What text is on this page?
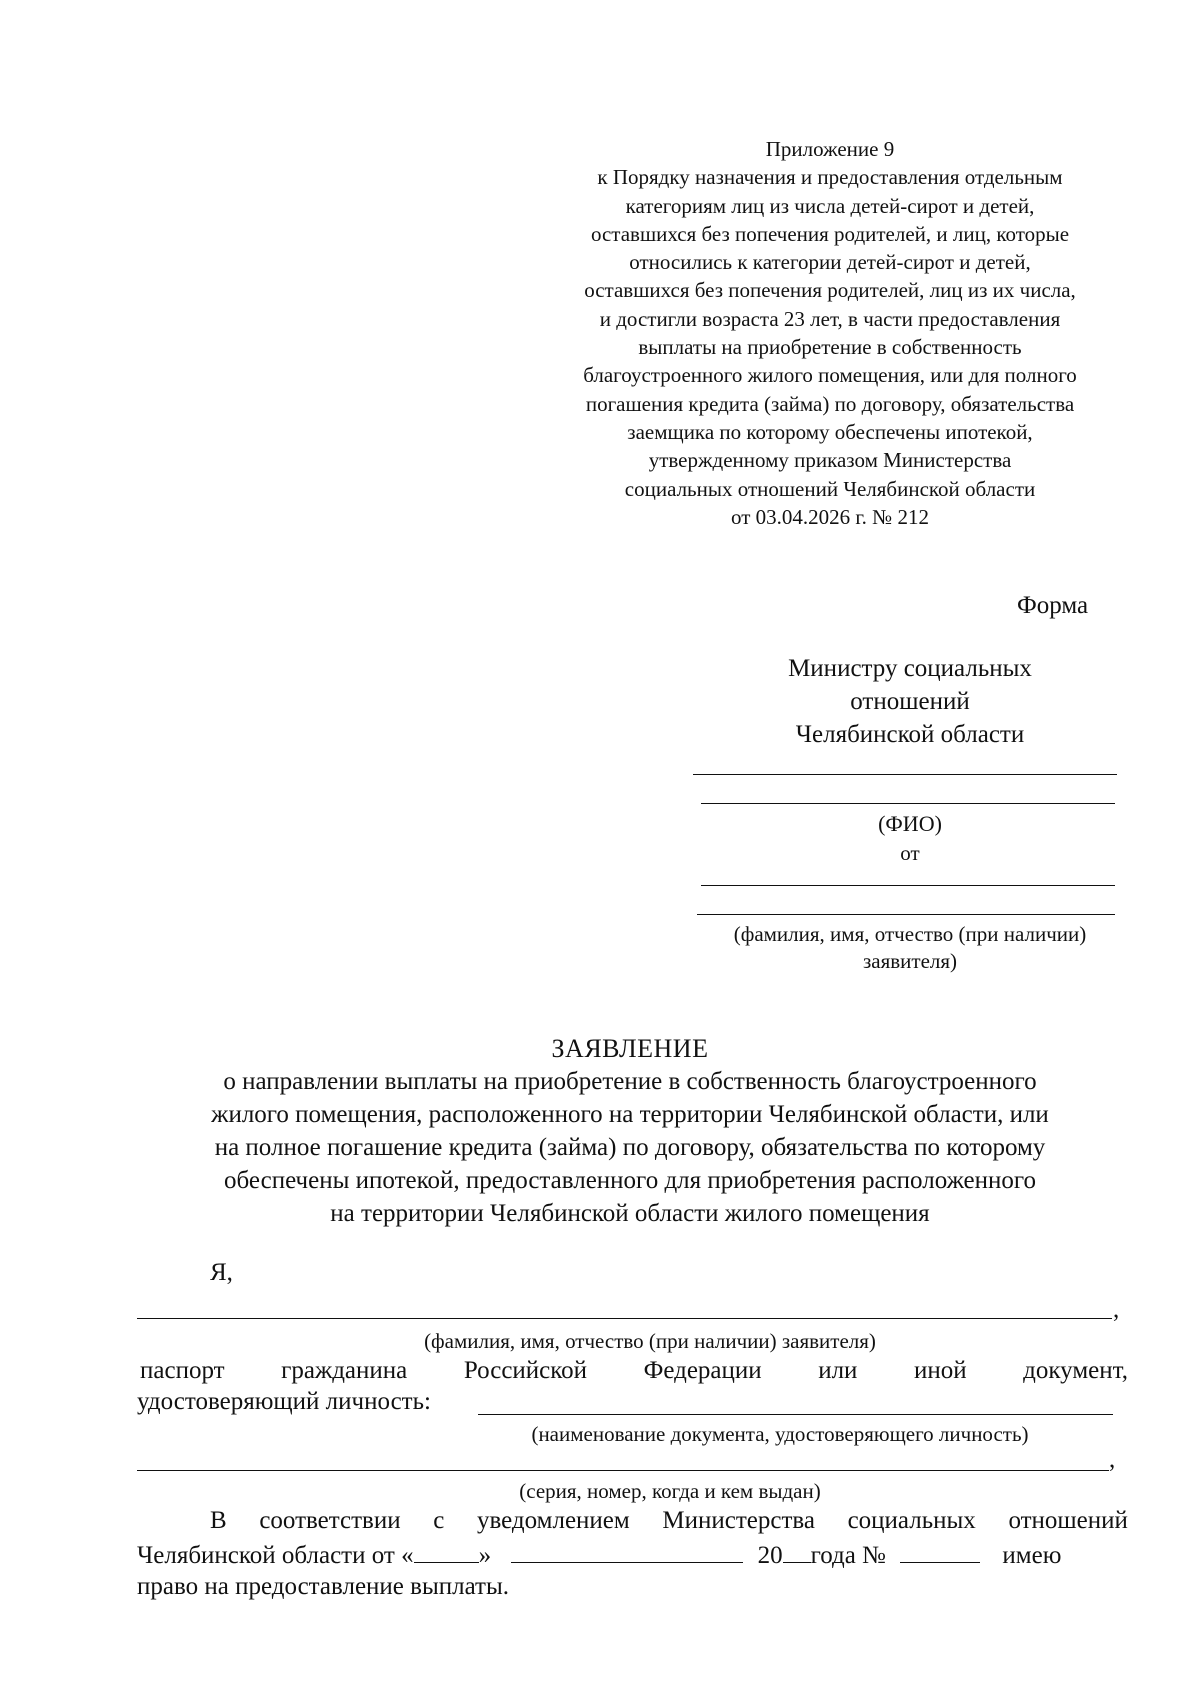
Приложение 9
к Порядку назначения и предоставления отдельным
категориям лиц из числа детей-сирот и детей,
оставшихся без попечения родителей, и лиц, которые
относились к категории детей-сирот и детей,
оставшихся без попечения родителей, лиц из их числа,
и достигли возраста 23 лет, в части предоставления
выплаты на приобретение в собственность
благоустроенного жилого помещения, или для полного
погашения кредита (займа) по договору, обязательства
заемщика по которому обеспечены ипотекой,
утвержденному приказом Министерства
социальных отношений Челябинской области
от 03.04.2026 г. № 212
Форма
Министру социальных
отношений
Челябинской области
(ФИО)
от
(фамилия, имя, отчество (при наличии)
заявителя)
ЗАЯВЛЕНИЕ
о направлении выплаты на приобретение в собственность благоустроенного
жилого помещения, расположенного на территории Челябинской области, или
на полное погашение кредита (займа) по договору, обязательства по которому
обеспечены ипотекой, предоставленного для приобретения расположенного
на территории Челябинской области жилого помещения
Я,
,
(фамилия, имя, отчество (при наличии) заявителя)
паспорт гражданина Российской Федерации или иной документ,
удостоверяющий личность:
(наименование документа, удостоверяющего личность)
,
(серия, номер, когда и кем выдан)
В соответствии с уведомлением Министерства социальных отношений
Челябинской области от «	»	20 года №	имею
право на предоставление выплаты.
